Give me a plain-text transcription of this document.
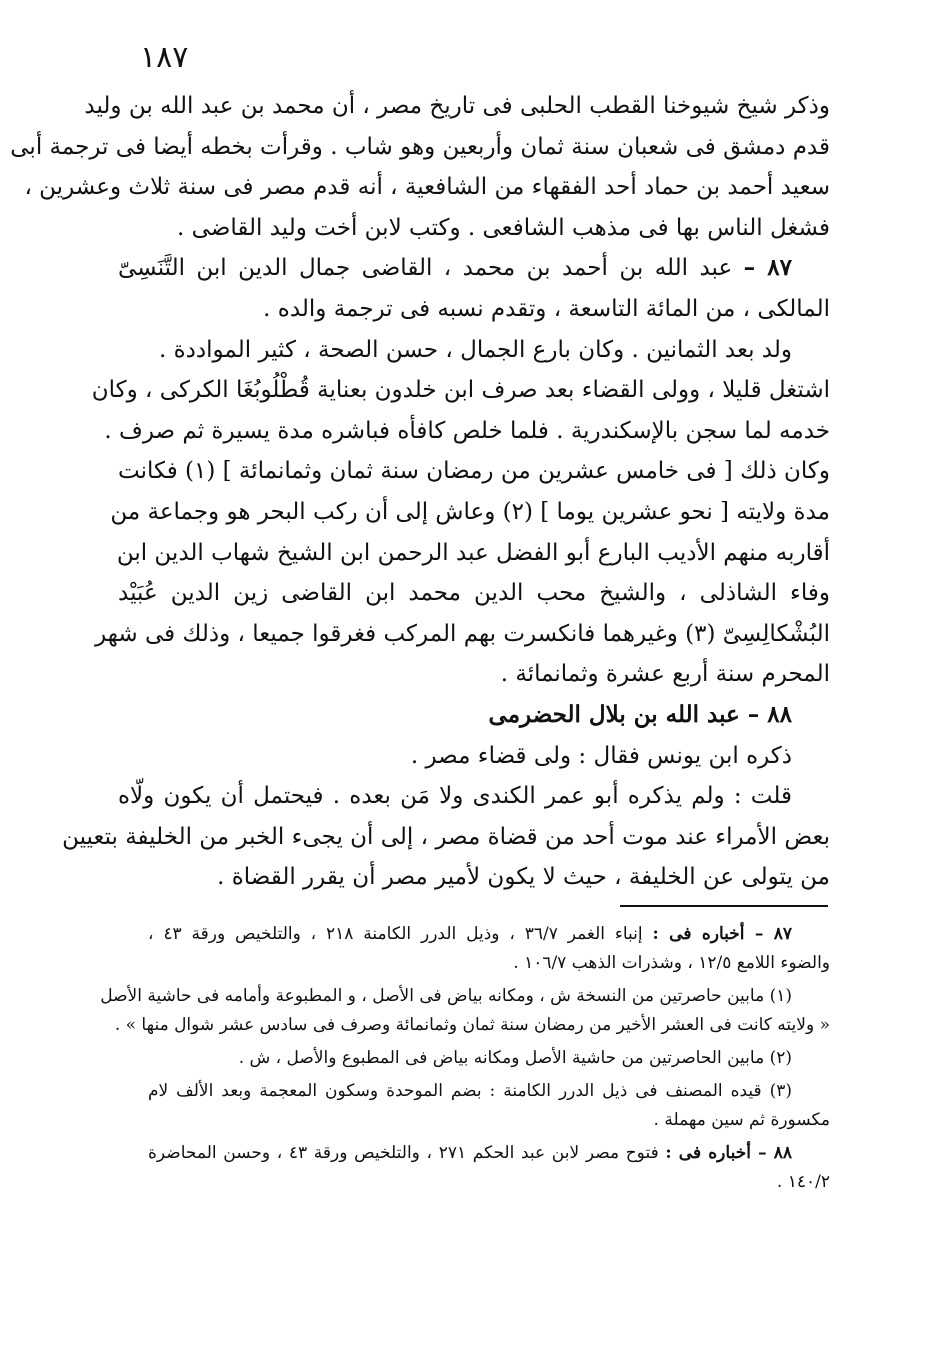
١٨٧
وذكر شيخ شيوخنا القطب الحلبى فى تاريخ مصر ، أن محمد بن عبد الله بن وليد
قدم دمشق فى شعبان سنة ثمان وأربعين وهو شاب . وقرأت بخطه أيضا فى ترجمة أبى
سعيد أحمد بن حماد أحد الفقهاء من الشافعية ، أنه قدم مصر فى سنة ثلاث وعشرين ،
فشغل الناس بها فى مذهب الشافعى . وكتب لابن أخت وليد القاضى .
٨٧ – عبد الله بن أحمد بن محمد ، القاضى جمال الدين ابن التَّنَسِىّ
المالكى ، من المائة التاسعة ، وتقدم نسبه فى ترجمة والده .
ولد بعد الثمانين . وكان بارع الجمال ، حسن الصحة ، كثير المواددة .
اشتغل قليلا ، وولى القضاء بعد صرف ابن خلدون بعناية قُطْلُوبُغَا الكركى ، وكان
خدمه لما سجن بالإسكندرية . فلما خلص كافأه فباشره مدة يسيرة ثم صرف .
وكان ذلك [ فى خامس عشرين من رمضان سنة ثمان وثمانمائة ] (١) فكانت
مدة ولايته [ نحو عشرين يوما ] (٢) وعاش إلى أن ركب البحر هو وجماعة من
أقاربه منهم الأديب البارع أبو الفضل عبد الرحمن ابن الشيخ شهاب الدين ابن
وفاء الشاذلى ، والشيخ محب الدين محمد ابن القاضى زين الدين عُبَيْد
البُشْكالِسِىّ (٣) وغيرهما فانكسرت بهم المركب فغرقوا جميعا ، وذلك فى شهر
المحرم سنة أربع عشرة وثمانمائة .
٨٨ – عبد الله بن بلال الحضرمى
ذكره ابن يونس فقال : ولى قضاء مصر .
قلت : ولم يذكره أبو عمر الكندى ولا مَن بعده . فيحتمل أن يكون ولّاه
بعض الأمراء عند موت أحد من قضاة مصر ، إلى أن يجىء الخبر من الخليفة بتعيين
من يتولى عن الخليفة ، حيث لا يكون لأمير مصر أن يقرر القضاة .
٨٧ – أخباره فى : إنباء الغمر ٣٦/٧ ، وذيل الدرر الكامنة ٢١٨ ، والتلخيص ورقة ٤٣ ،
والضوء اللامع ١٢/٥ ، وشذرات الذهب ١٠٦/٧ .
(١) مابين حاصرتين من النسخة ش ، ومكانه بياض فى الأصل ، و المطبوعة وأمامه فى حاشية الأصل
« ولايته كانت فى العشر الأخير من رمضان سنة ثمان وثمانمائة وصرف فى سادس عشر شوال منها » .
(٢) مابين الحاصرتين من حاشية الأصل ومكانه بياض فى المطبوع والأصل ، ش .
(٣) قيده المصنف فى ذيل الدرر الكامنة : بضم الموحدة وسكون المعجمة وبعد الألف لام
مكسورة ثم سين مهملة .
٨٨ – أخباره فى : فتوح مصر لابن عبد الحكم ٢٧١ ، والتلخيص ورقة ٤٣ ، وحسن المحاضرة
١٤٠/٢ .
